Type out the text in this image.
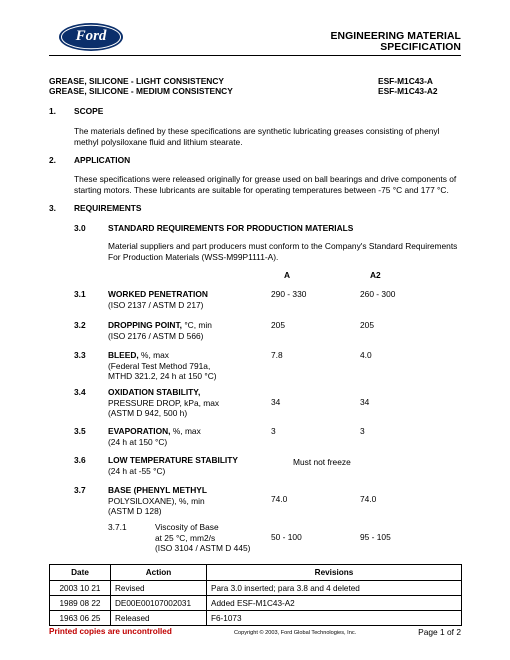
Ford	ENGINEERING MATERIAL SPECIFICATION
GREASE, SILICONE - LIGHT CONSISTENCY	ESF-M1C43-A
GREASE, SILICONE - MEDIUM CONSISTENCY	ESF-M1C43-A2
1. SCOPE
The materials defined by these specifications are synthetic lubricating greases consisting of phenyl
methyl polysiloxane fluid and lithium stearate.
2. APPLICATION
These specifications were released originally for grease used on ball bearings and drive components of
starting motors. These lubricants are suitable for operating temperatures between -75 °C and 177 °C.
3. REQUIREMENTS
3.0	STANDARD REQUIREMENTS FOR PRODUCTION MATERIALS
Material suppliers and part producers must conform to the Company's Standard Requirements
For Production Materials (WSS-M99P1111-A).
A	A2
3.1	WORKED PENETRATION
(ISO 2137 / ASTM D 217)
290 - 330	260 - 300
3.2	DROPPING POINT, °C, min
(ISO 2176 / ASTM D 566)
205	205
3.3	BLEED, %, max
(Federal Test Method 791a,
MTHD 321.2, 24 h at 150 °C)
7.8	4.0
3.4	OXIDATION STABILITY,
PRESSURE DROP, kPa, max
(ASTM D 942, 500 h)
34	34
3.5	EVAPORATION, %, max
(24 h at 150 °C)
3	3
3.6	LOW TEMPERATURE STABILITY
(24 h at -55 °C)
Must not freeze
3.7	BASE (PHENYL METHYL
POLYSILOXANE), %, min
(ASTM D 128)
74.0	74.0
3.7.1	Viscosity of Base
at 25 °C, mm2/s
(ISO 3104 / ASTM D 445)
50 - 100	95 - 105
Date	Action	Revisions
2003 10 21	Revised	Para 3.0 inserted; para 3.8 and 4 deleted
1989 08 22	DE00E00107002031	Added ESF-M1C43-A2
1963 06 25	Released	F6-1073
Printed copies are uncontrolled	Copyright © 2003, Ford Global Technologies, Inc.	Page 1 of 2
